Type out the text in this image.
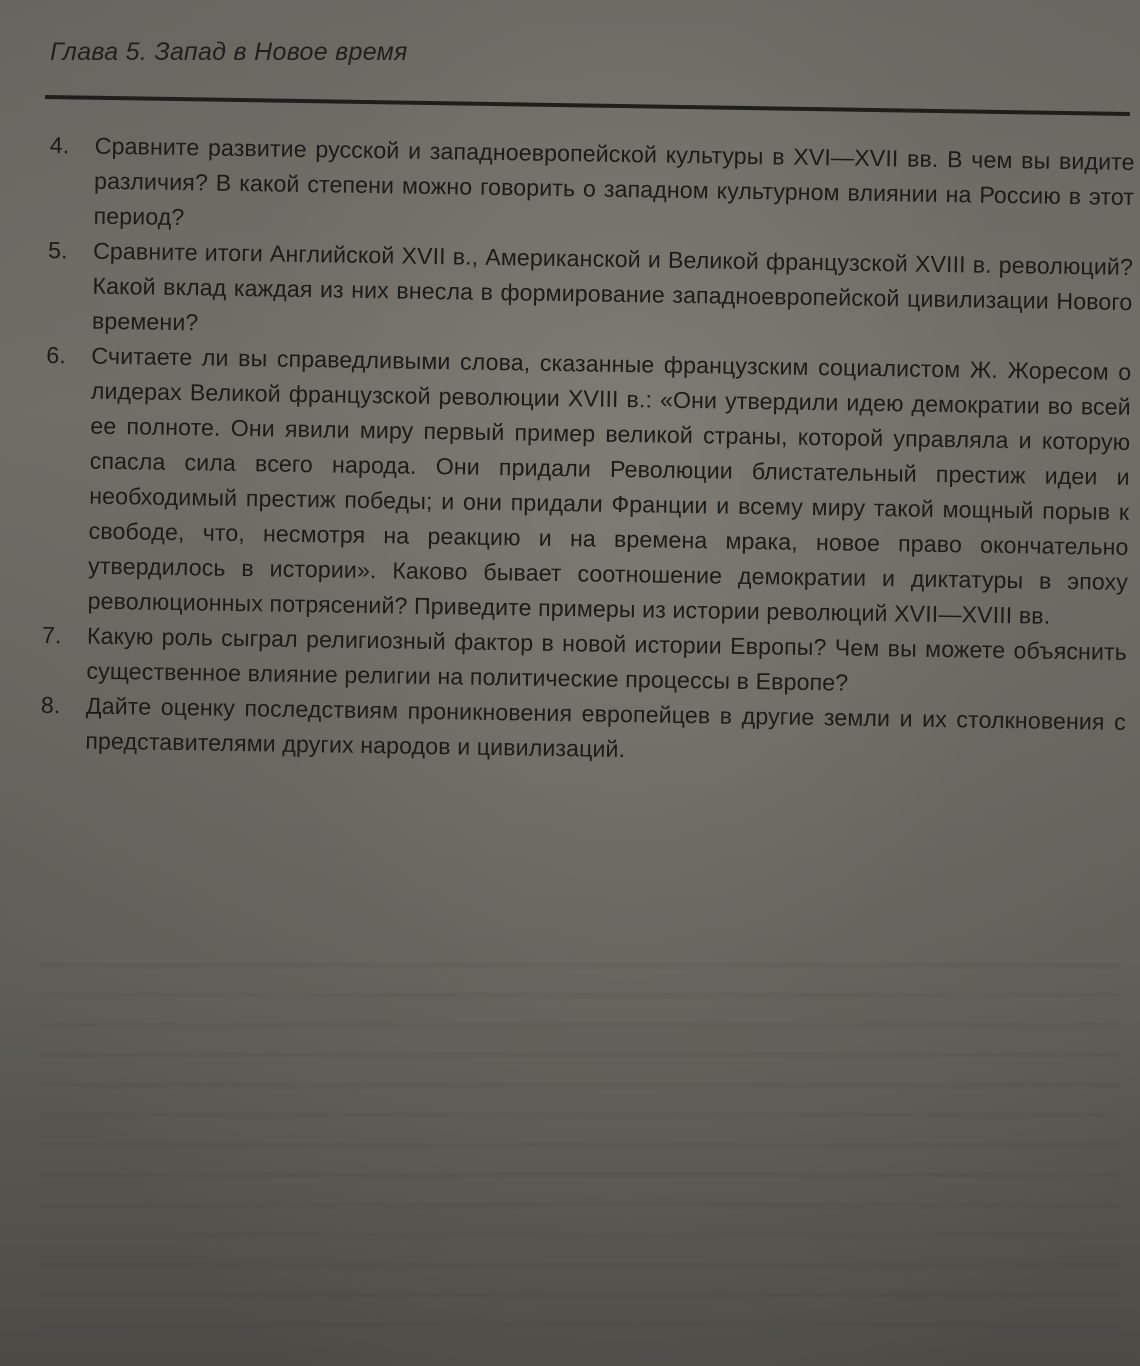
Глава 5. Запад в Новое время
4.	Сравните развитие русской и западноевропейской культуры в XVI—XVII вв. В чем вы видите различия? В какой степени можно говорить о западном культурном влиянии на Россию в этот период?
5.	Сравните итоги Английской XVII в., Американской и Великой французской XVIII в. революций? Какой вклад каждая из них внесла в формирование западноевропейской цивилизации Нового времени?
6.	Считаете ли вы справедливыми слова, сказанные французским социалистом Ж. Жоресом о лидерах Великой французской революции XVIII в.: «Они утвердили идею демократии во всей ее полноте. Они явили миру первый пример великой страны, которой управляла и которую спасла сила всего народа. Они придали Революции блистательный престиж идеи и необходимый престиж победы; и они придали Франции и всему миру такой мощный порыв к свободе, что, несмотря на реакцию и на времена мрака, новое право окончательно утвердилось в истории». Каково бывает соотношение демократии и диктатуры в эпоху революционных потрясений? Приведите примеры из истории революций XVII—XVIII вв.
7.	Какую роль сыграл религиозный фактор в новой истории Европы? Чем вы можете объяснить существенное влияние религии на политические процессы в Европе?
8.	Дайте оценку последствиям проникновения европейцев в другие земли и их столкновения с представителями других народов и цивилизаций.
